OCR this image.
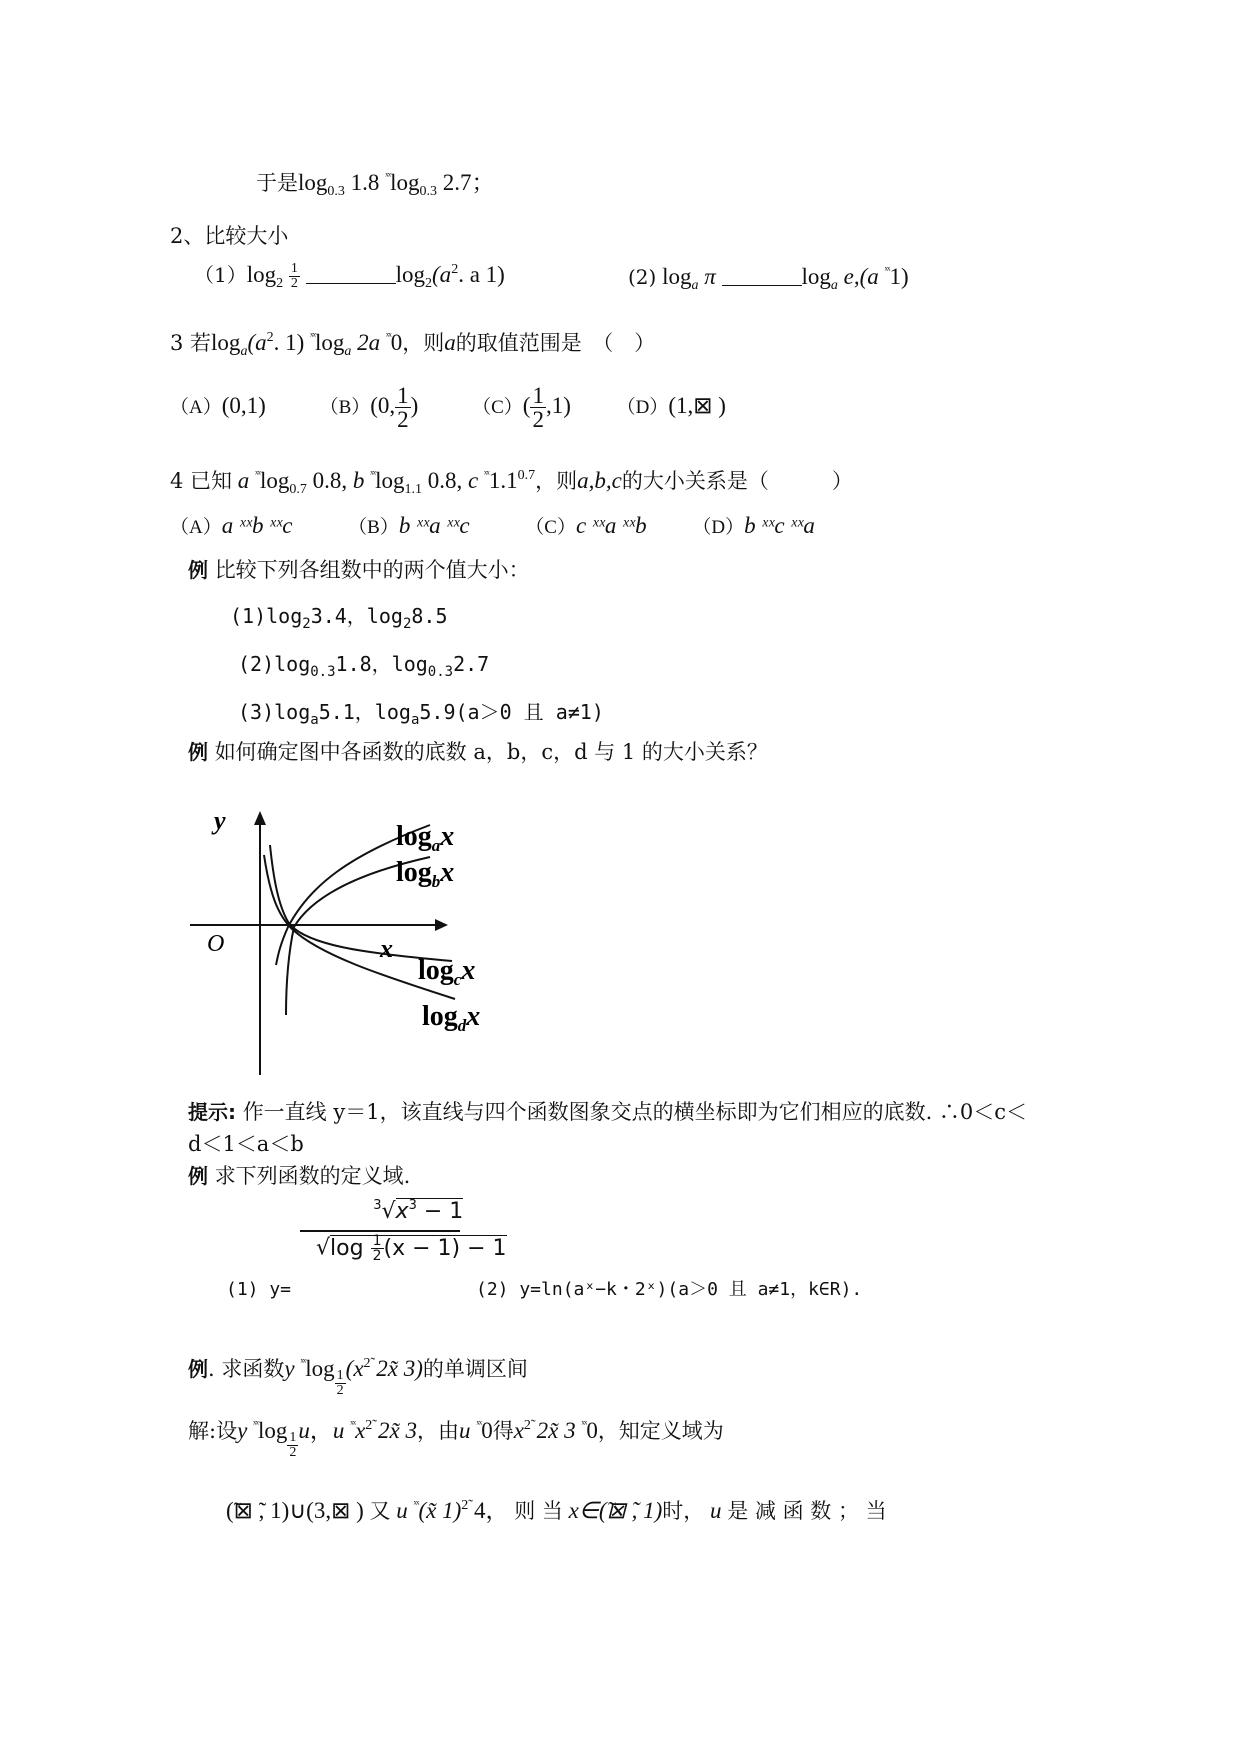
于是$\log_{0.3} 1.8$ $^{ˣˣ}\log_{0.3}$ 2.7；
2、比较大小
$(1)\log_2 \frac{1}{2}$	$\log_2(a^2$. a 1)	(2) $\log_a \pi$	$\log_a e,(a$ $^{ˣˣ}$1)
3 若$\log_a(a^2$. 1) $^{ˣˣ}\log_a$ 2a $^{ˣˣ}$0，则a的取值范围是　（　）
（A）(0,1)	（B）(0, $\frac{1}{2}$ )	$(C)( \frac{1}{2} ,1)$ （D）(1,⊠ )
4 已知 a $^{ˣˣ}\log_{0.7}$ 0.8, b $^{ˣˣ}\log_{1.1}$ 0.8, c $^{ˣˣ}1.1^{0.7}$，则a,b,c的大小关系是（　　　）
（A）a ˣˣb ˣˣc	（B）b ˣˣa ˣˣc	（C）c ˣˣa ˣˣb （D）b ˣˣc ˣˣa
例 比较下列各组数中的两个值大小：
$(1)\log_23.4$，$\log_28.5$
$(2)\log_{0.3}1.8$，$\log_{0.3}2.7$
$(3)\log_a5.1$，$\log_a5.9(a>0$ 且 a≠1)
例 如何确定图中各函数的底数 a，b，c，d 与 1 的大小关系？
y
x
O
$\log_ax$
$\log_bx$
$\log_cx$
$\log_dx$
提示: 作一直线 y＝1，该直线与四个函数图象交点的横坐标即为它们相应的底数. ∴0＜c＜
d＜1＜a＜b
例 求下列函数的定义域.
$^3√x^3 - 1$
$√\log \frac{1}{2} (x - 1) - 1$
(1) y=	(2) y=ln(aˣ−k・2ˣ)(a＞0 且 a≠1，k∈R).
例. 求函数y $^{ˣˣ}$log
$\frac{1}{2}$
($x^{2̃}$ 2x̃ 3)的单调区间
解:设y $^{ˣˣ}$log
$\frac{1}{2}$
u，u $^{ˣˣ}x^{2̃}$ 2x̃ 3，由u $^{ˣˣ}$0得$x^{2̃}$ 2x̃ 3 $^{ˣˣ}$0，知定义域为
(̃⊠ ̃, 1)∪(3,⊠ ) 又 u $^{ˣˣ}$(x̃ 1)$^{2̃}$ 4， 则 当 x∈(̃⊠ ̃, 1)时， u 是 减 函 数 ； 当
